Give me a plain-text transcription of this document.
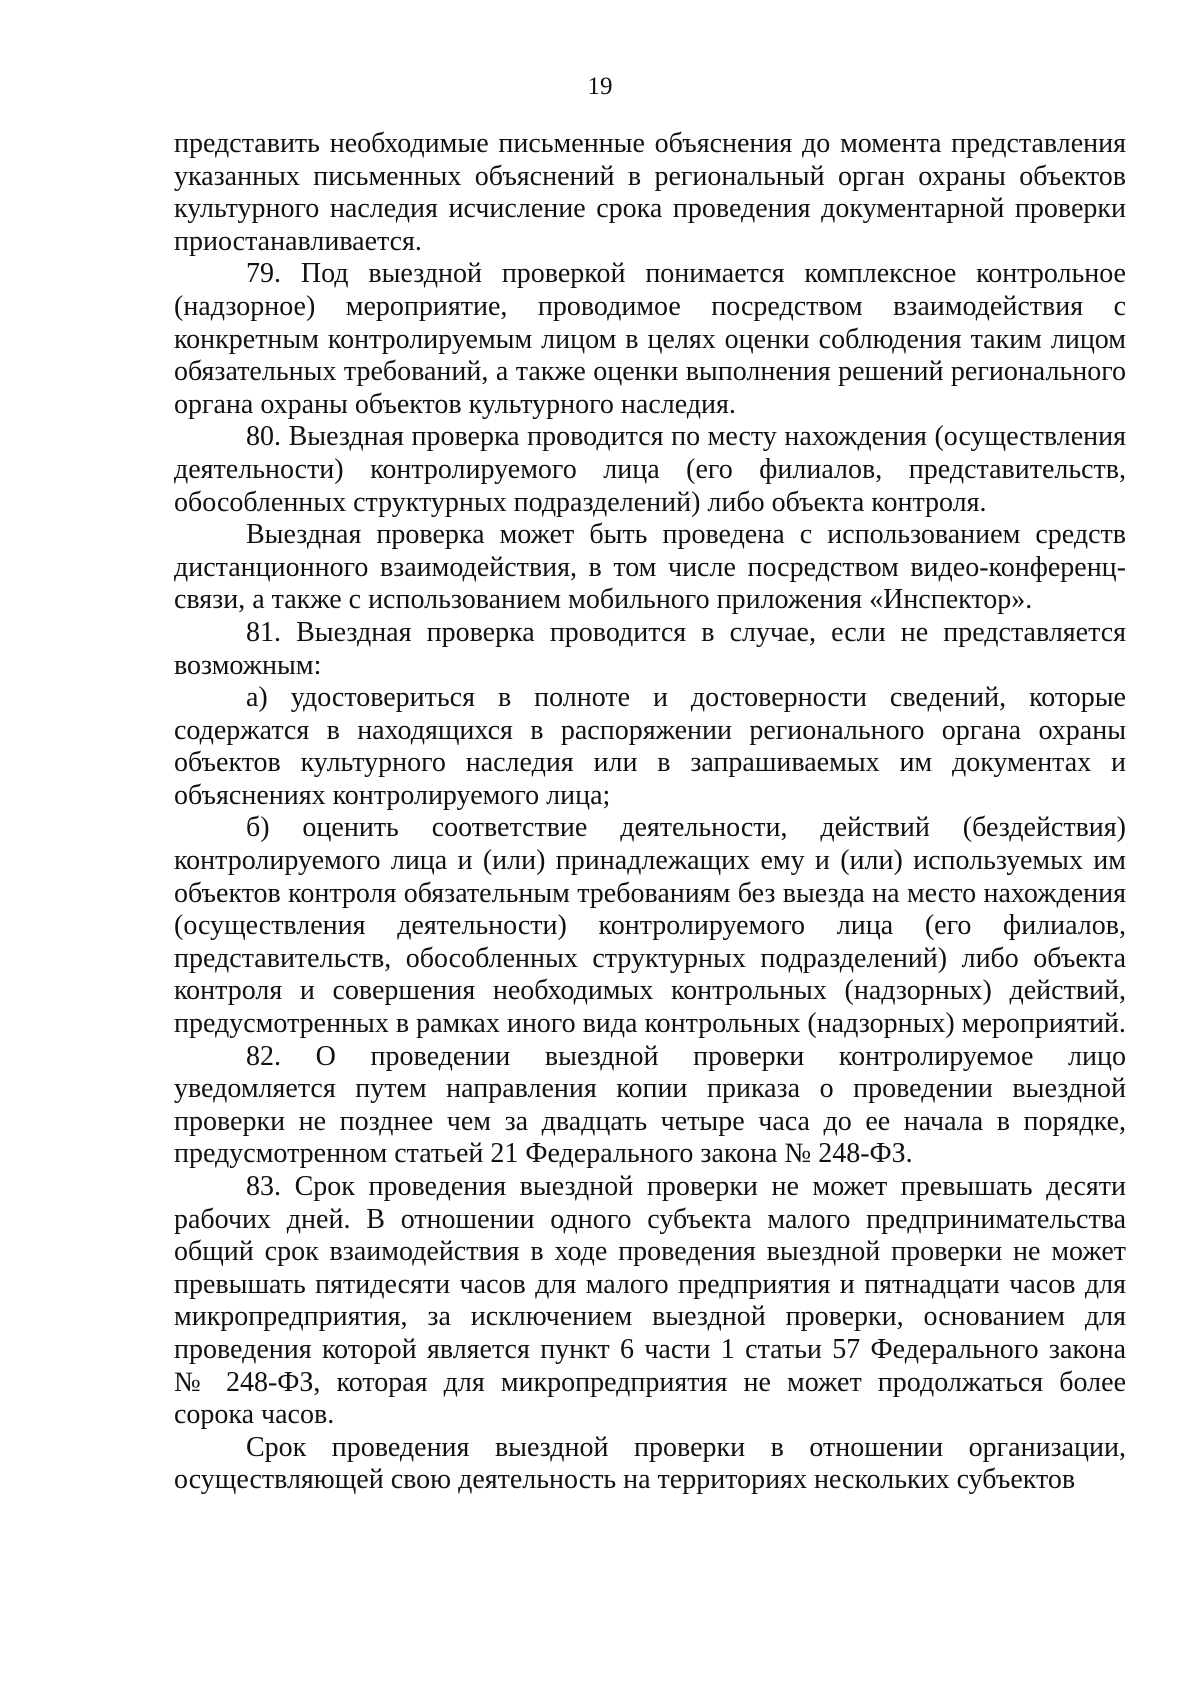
19

представить необходимые письменные объяснения до момента представления указанных письменных объяснений в региональный орган охраны объектов культурного наследия исчисление срока проведения документарной проверки приостанавливается.

79. Под выездной проверкой понимается комплексное контрольное (надзорное) мероприятие, проводимое посредством взаимодействия с конкретным контролируемым лицом в целях оценки соблюдения таким лицом обязательных требований, а также оценки выполнения решений регионального органа охраны объектов культурного наследия.

80. Выездная проверка проводится по месту нахождения (осуществления деятельности) контролируемого лица (его филиалов, представительств, обособленных структурных подразделений) либо объекта контроля.

Выездная проверка может быть проведена с использованием средств дистанционного взаимодействия, в том числе посредством видео-конференц-связи, а также с использованием мобильного приложения «Инспектор».

81. Выездная проверка проводится в случае, если не представляется возможным:

а) удостовериться в полноте и достоверности сведений, которые содержатся в находящихся в распоряжении регионального органа охраны объектов культурного наследия или в запрашиваемых им документах и объяснениях контролируемого лица;

б) оценить соответствие деятельности, действий (бездействия) контролируемого лица и (или) принадлежащих ему и (или) используемых им объектов контроля обязательным требованиям без выезда на место нахождения (осуществления деятельности) контролируемого лица (его филиалов, представительств, обособленных структурных подразделений) либо объекта контроля и совершения необходимых контрольных (надзорных) действий, предусмотренных в рамках иного вида контрольных (надзорных) мероприятий.

82. О проведении выездной проверки контролируемое лицо уведомляется путем направления копии приказа о проведении выездной проверки не позднее чем за двадцать четыре часа до ее начала в порядке, предусмотренном статьей 21 Федерального закона № 248-ФЗ.

83. Срок проведения выездной проверки не может превышать десяти рабочих дней. В отношении одного субъекта малого предпринимательства общий срок взаимодействия в ходе проведения выездной проверки не может превышать пятидесяти часов для малого предприятия и пятнадцати часов для микропредприятия, за исключением выездной проверки, основанием для проведения которой является пункт 6 части 1 статьи 57 Федерального закона № 248-ФЗ, которая для микропредприятия не может продолжаться более сорока часов.

Срок проведения выездной проверки в отношении организации, осуществляющей свою деятельность на территориях нескольких субъектов
